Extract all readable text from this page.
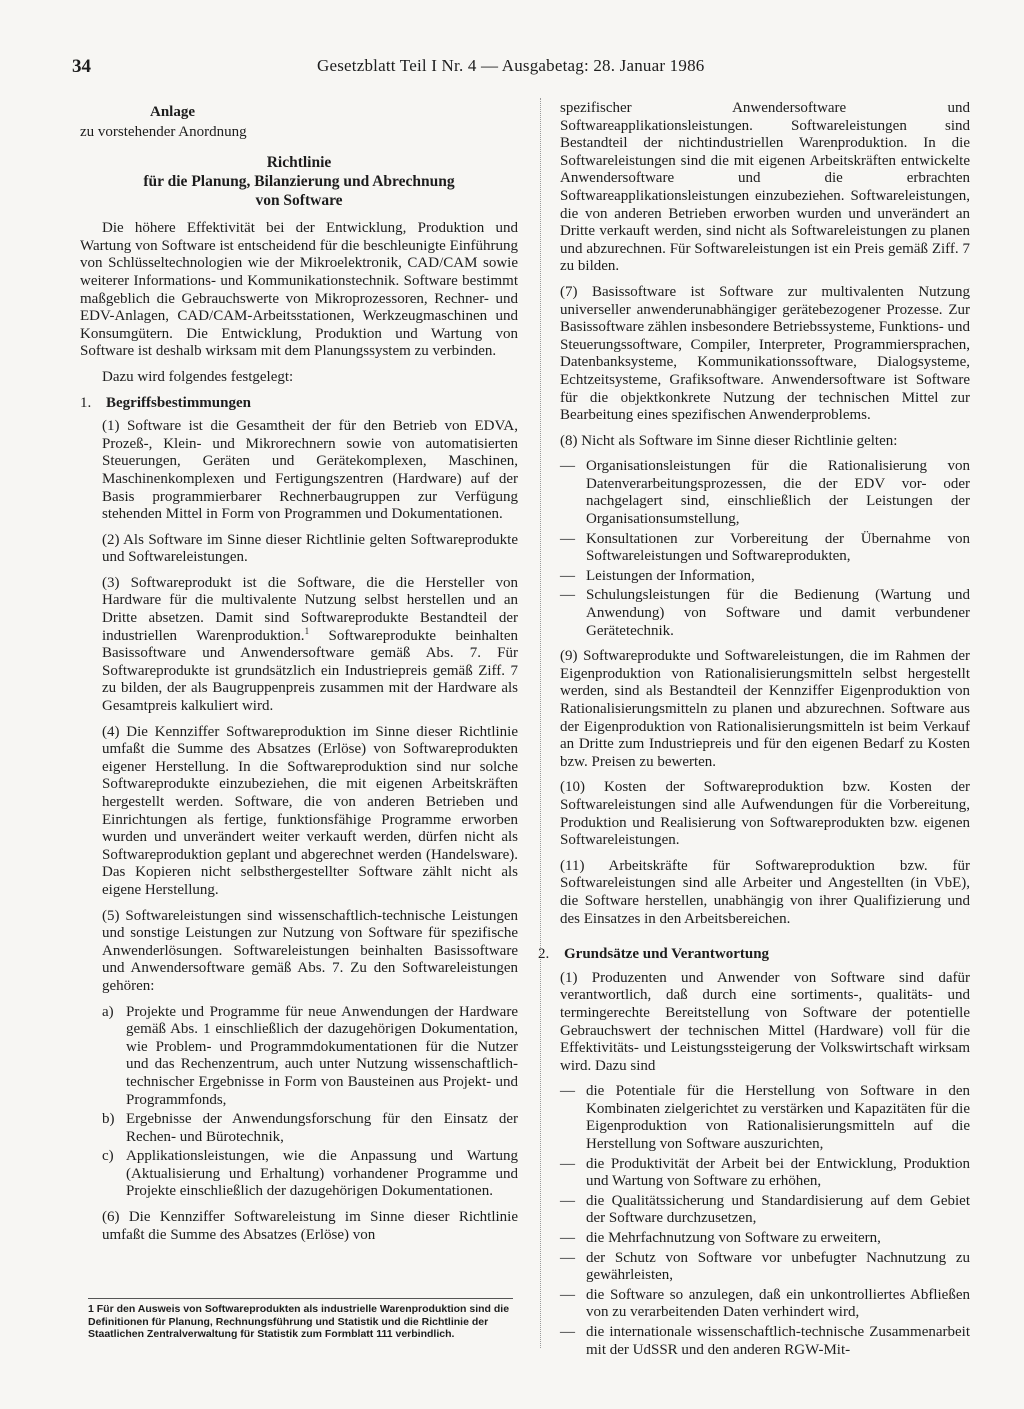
34	Gesetzblatt Teil I Nr. 4 — Ausgabetag: 28. Januar 1986
Anlage
zu vorstehender Anordnung
Richtlinie
für die Planung, Bilanzierung und Abrechnung
von Software

Die höhere Effektivität bei der Entwicklung, Produktion und Wartung von Software ist entscheidend für die beschleunigte Einführung von Schlüsseltechnologien wie der Mikroelektronik, CAD/CAM sowie weiterer Informations- und Kommunikationstechnik. Software bestimmt maßgeblich die Gebrauchswerte von Mikroprozessoren, Rechner- und EDV-Anlagen, CAD/CAM-Arbeitsstationen, Werkzeugmaschinen und Konsumgütern. Die Entwicklung, Produktion und Wartung von Software ist deshalb wirksam mit dem Planungssystem zu verbinden.

Dazu wird folgendes festgelegt:

1. Begriffsbestimmungen

(1) Software ist die Gesamtheit der für den Betrieb von EDVA, Prozeß-, Klein- und Mikrorechnern sowie von automatisierten Steuerungen, Geräten und Gerätekomplexen, Maschinen, Maschinenkomplexen und Fertigungszentren (Hardware) auf der Basis programmierbarer Rechnerbaugruppen zur Verfügung stehenden Mittel in Form von Programmen und Dokumentationen.

(2) Als Software im Sinne dieser Richtlinie gelten Softwareprodukte und Softwareleistungen.

(3) Softwareprodukt ist die Software, die die Hersteller von Hardware für die multivalente Nutzung selbst herstellen und an Dritte absetzen. Damit sind Softwareprodukte Bestandteil der industriellen Warenproduktion.$^1$ Softwareprodukte beinhalten Basissoftware und Anwendersoftware gemäß Abs. 7. Für Softwareprodukte ist grundsätzlich ein Industriepreis gemäß Ziff. 7 zu bilden, der als Baugruppenpreis zusammen mit der Hardware als Gesamtpreis kalkuliert wird.

(4) Die Kennziffer Softwareproduktion im Sinne dieser Richtlinie umfaßt die Summe des Absatzes (Erlöse) von Softwareprodukten eigener Herstellung. In die Softwareproduktion sind nur solche Softwareprodukte einzubeziehen, die mit eigenen Arbeitskräften hergestellt werden. Software, die von anderen Betrieben und Einrichtungen als fertige, funktionsfähige Programme erworben wurden und unverändert weiter verkauft werden, dürfen nicht als Softwareproduktion geplant und abgerechnet werden (Handelsware). Das Kopieren nicht selbsthergestellter Software zählt nicht als eigene Herstellung.

(5) Softwareleistungen sind wissenschaftlich-technische Leistungen und sonstige Leistungen zur Nutzung von Software für spezifische Anwenderlösungen. Softwareleistungen beinhalten Basissoftware und Anwendersoftware gemäß Abs. 7. Zu den Softwareleistungen gehören:

a) Projekte und Programme für neue Anwendungen der Hardware gemäß Abs. 1 einschließlich der dazugehörigen Dokumentation, wie Problem- und Programmdokumentationen für die Nutzer und das Rechenzentrum, auch unter Nutzung wissenschaftlich-technischer Ergebnisse in Form von Bausteinen aus Projekt- und Programmfonds,
b) Ergebnisse der Anwendungsforschung für den Einsatz der Rechen- und Bürotechnik,
c) Applikationsleistungen, wie die Anpassung und Wartung (Aktualisierung und Erhaltung) vorhandener Programme und Projekte einschließlich der dazugehörigen Dokumentationen.

(6) Die Kennziffer Softwareleistung im Sinne dieser Richtlinie umfaßt die Summe des Absatzes (Erlöse) von

1 Für den Ausweis von Softwareprodukten als industrielle Warenproduktion sind die Definitionen für Planung, Rechnungsführung und Statistik und die Richtlinie der Staatlichen Zentralverwaltung für Statistik zum Formblatt 111 verbindlich.

spezifischer Anwendersoftware und Softwareapplikationsleistungen. Softwareleistungen sind Bestandteil der nichtindustriellen Warenproduktion. In die Softwareleistungen sind die mit eigenen Arbeitskräften entwickelte Anwendersoftware und die erbrachten Softwareapplikationsleistungen einzubeziehen. Softwareleistungen, die von anderen Betrieben erworben wurden und unverändert an Dritte verkauft werden, sind nicht als Softwareleistungen zu planen und abzurechnen. Für Softwareleistungen ist ein Preis gemäß Ziff. 7 zu bilden.

(7) Basissoftware ist Software zur multivalenten Nutzung universeller anwenderunabhängiger gerätebezogener Prozesse. Zur Basissoftware zählen insbesondere Betriebssysteme, Funktions- und Steuerungssoftware, Compiler, Interpreter, Programmiersprachen, Datenbanksysteme, Kommunikationssoftware, Dialogsysteme, Echtzeitsysteme, Grafiksoftware. Anwendersoftware ist Software für die objektkonkrete Nutzung der technischen Mittel zur Bearbeitung eines spezifischen Anwenderproblems.

(8) Nicht als Software im Sinne dieser Richtlinie gelten:

— Organisationsleistungen für die Rationalisierung von Datenverarbeitungsprozessen, die der EDV vor- oder nachgelagert sind, einschließlich der Leistungen der Organisationsumstellung,
— Konsultationen zur Vorbereitung der Übernahme von Softwareleistungen und Softwareprodukten,
— Leistungen der Information,
— Schulungsleistungen für die Bedienung (Wartung und Anwendung) von Software und damit verbundener Gerätetechnik.

(9) Softwareprodukte und Softwareleistungen, die im Rahmen der Eigenproduktion von Rationalisierungsmitteln selbst hergestellt werden, sind als Bestandteil der Kennziffer Eigenproduktion von Rationalisierungsmitteln zu planen und abzurechnen. Software aus der Eigenproduktion von Rationalisierungsmitteln ist beim Verkauf an Dritte zum Industriepreis und für den eigenen Bedarf zu Kosten bzw. Preisen zu bewerten.

(10) Kosten der Softwareproduktion bzw. Kosten der Softwareleistungen sind alle Aufwendungen für die Vorbereitung, Produktion und Realisierung von Softwareprodukten bzw. eigenen Softwareleistungen.

(11) Arbeitskräfte für Softwareproduktion bzw. für Softwareleistungen sind alle Arbeiter und Angestellten (in VbE), die Software herstellen, unabhängig von ihrer Qualifizierung und des Einsatzes in den Arbeitsbereichen.

2. Grundsätze und Verantwortung

(1) Produzenten und Anwender von Software sind dafür verantwortlich, daß durch eine sortiments-, qualitäts- und termingerechte Bereitstellung von Software der potentielle Gebrauchswert der technischen Mittel (Hardware) voll für die Effektivitäts- und Leistungssteigerung der Volkswirtschaft wirksam wird. Dazu sind

— die Potentiale für die Herstellung von Software in den Kombinaten zielgerichtet zu verstärken und Kapazitäten für die Eigenproduktion von Rationalisierungsmitteln auf die Herstellung von Software auszurichten,
— die Produktivität der Arbeit bei der Entwicklung, Produktion und Wartung von Software zu erhöhen,
— die Qualitätssicherung und Standardisierung auf dem Gebiet der Software durchzusetzen,
— die Mehrfachnutzung von Software zu erweitern,
— der Schutz von Software vor unbefugter Nachnutzung zu gewährleisten,
— die Software so anzulegen, daß ein unkontrolliertes Abfließen von zu verarbeitenden Daten verhindert wird,
— die internationale wissenschaftlich-technische Zusammenarbeit mit der UdSSR und den anderen RGW-Mit-
